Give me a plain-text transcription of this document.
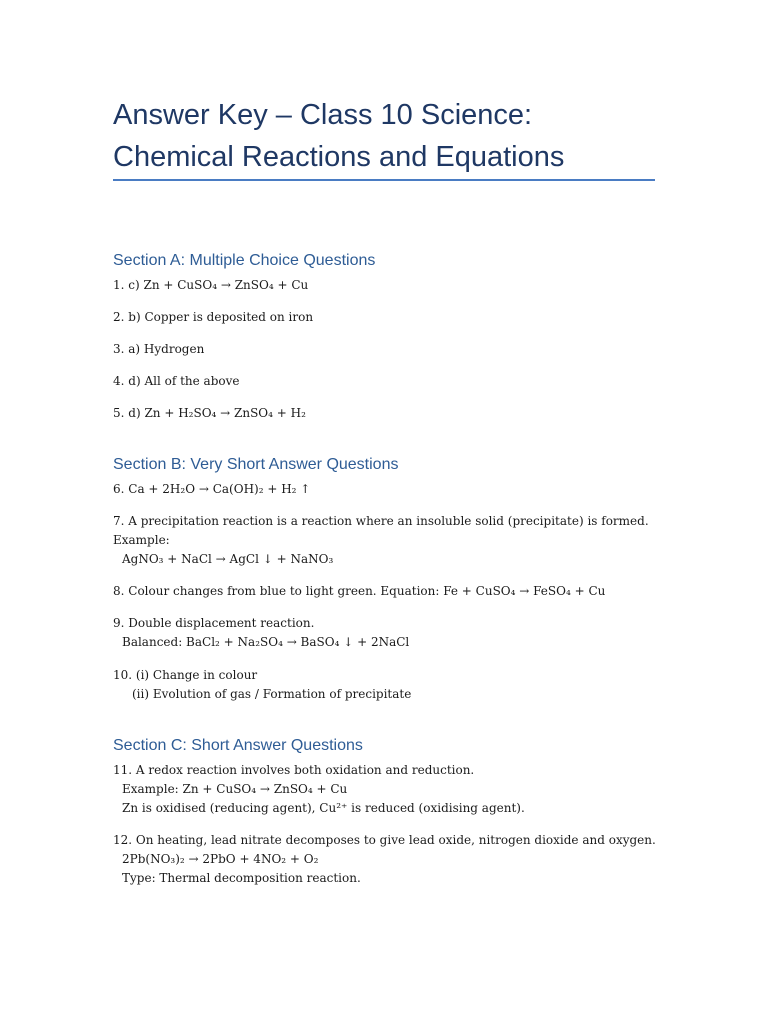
Answer Key – Class 10 Science:
Chemical Reactions and Equations
Section A: Multiple Choice Questions
1. c) Zn + CuSO₄ → ZnSO₄ + Cu
2. b) Copper is deposited on iron
3. a) Hydrogen
4. d) All of the above
5. d) Zn + H₂SO₄ → ZnSO₄ + H₂
Section B: Very Short Answer Questions
6. Ca + 2H₂O → Ca(OH)₂ + H₂ ↑
7. A precipitation reaction is a reaction where an insoluble solid (precipitate) is formed.
Example:
AgNO₃ + NaCl → AgCl ↓ + NaNO₃
8. Colour changes from blue to light green. Equation: Fe + CuSO₄ → FeSO₄ + Cu
9. Double displacement reaction.
Balanced: BaCl₂ + Na₂SO₄ → BaSO₄ ↓ + 2NaCl
10. (i) Change in colour
(ii) Evolution of gas / Formation of precipitate
Section C: Short Answer Questions
11. A redox reaction involves both oxidation and reduction.
Example: Zn + CuSO₄ → ZnSO₄ + Cu
Zn is oxidised (reducing agent), Cu²⁺ is reduced (oxidising agent).
12. On heating, lead nitrate decomposes to give lead oxide, nitrogen dioxide and oxygen.
2Pb(NO₃)₂ → 2PbO + 4NO₂ + O₂
Type: Thermal decomposition reaction.
